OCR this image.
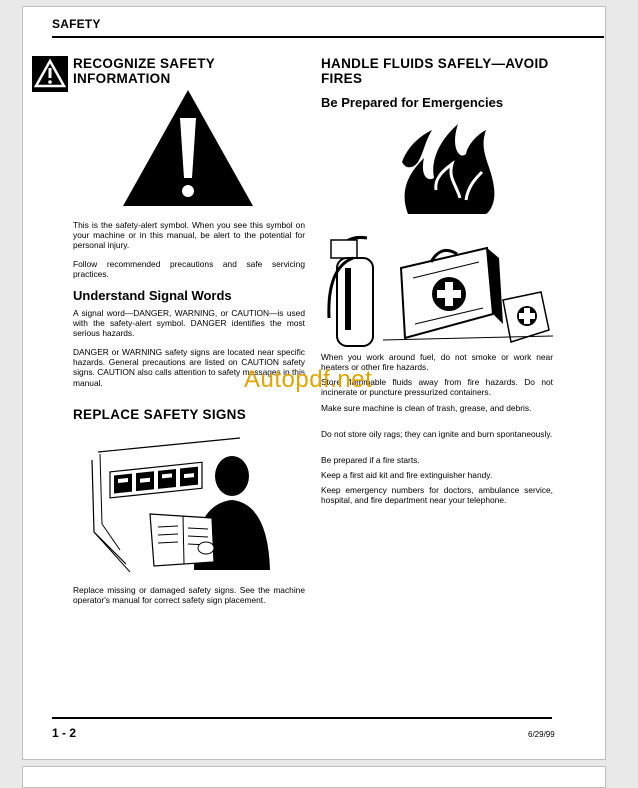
SAFETY
RECOGNIZE SAFETY INFORMATION

This is the safety-alert symbol. When you see this symbol on your machine or in this manual, be alert to the potential for personal injury.

Follow recommended precautions and safe servicing practices.

Understand Signal Words

A signal word—DANGER, WARNING, or CAUTION—is used with the safety-alert symbol. DANGER identifies the most serious hazards.

DANGER or WARNING safety signs are located near specific hazards. General precautions are listed on CAUTION safety signs. CAUTION also calls attention to safety messages in this manual.

REPLACE SAFETY SIGNS

Replace missing or damaged safety signs. See the machine operator's manual for correct safety sign placement.

HANDLE FLUIDS SAFELY—AVOID FIRES
Be Prepared for Emergencies

When you work around fuel, do not smoke or work near heaters or other fire hazards.

Store flammable fluids away from fire hazards. Do not incinerate or puncture pressurized containers.

Make sure machine is clean of trash, grease, and debris.

Do not store oily rags; they can ignite and burn spontaneously.

Be prepared if a fire starts.

Keep a first aid kit and fire extinguisher handy.

Keep emergency numbers for doctors, ambulance service, hospital, and fire department near your telephone.

Autopdf.net
1 - 2	6/29/99
